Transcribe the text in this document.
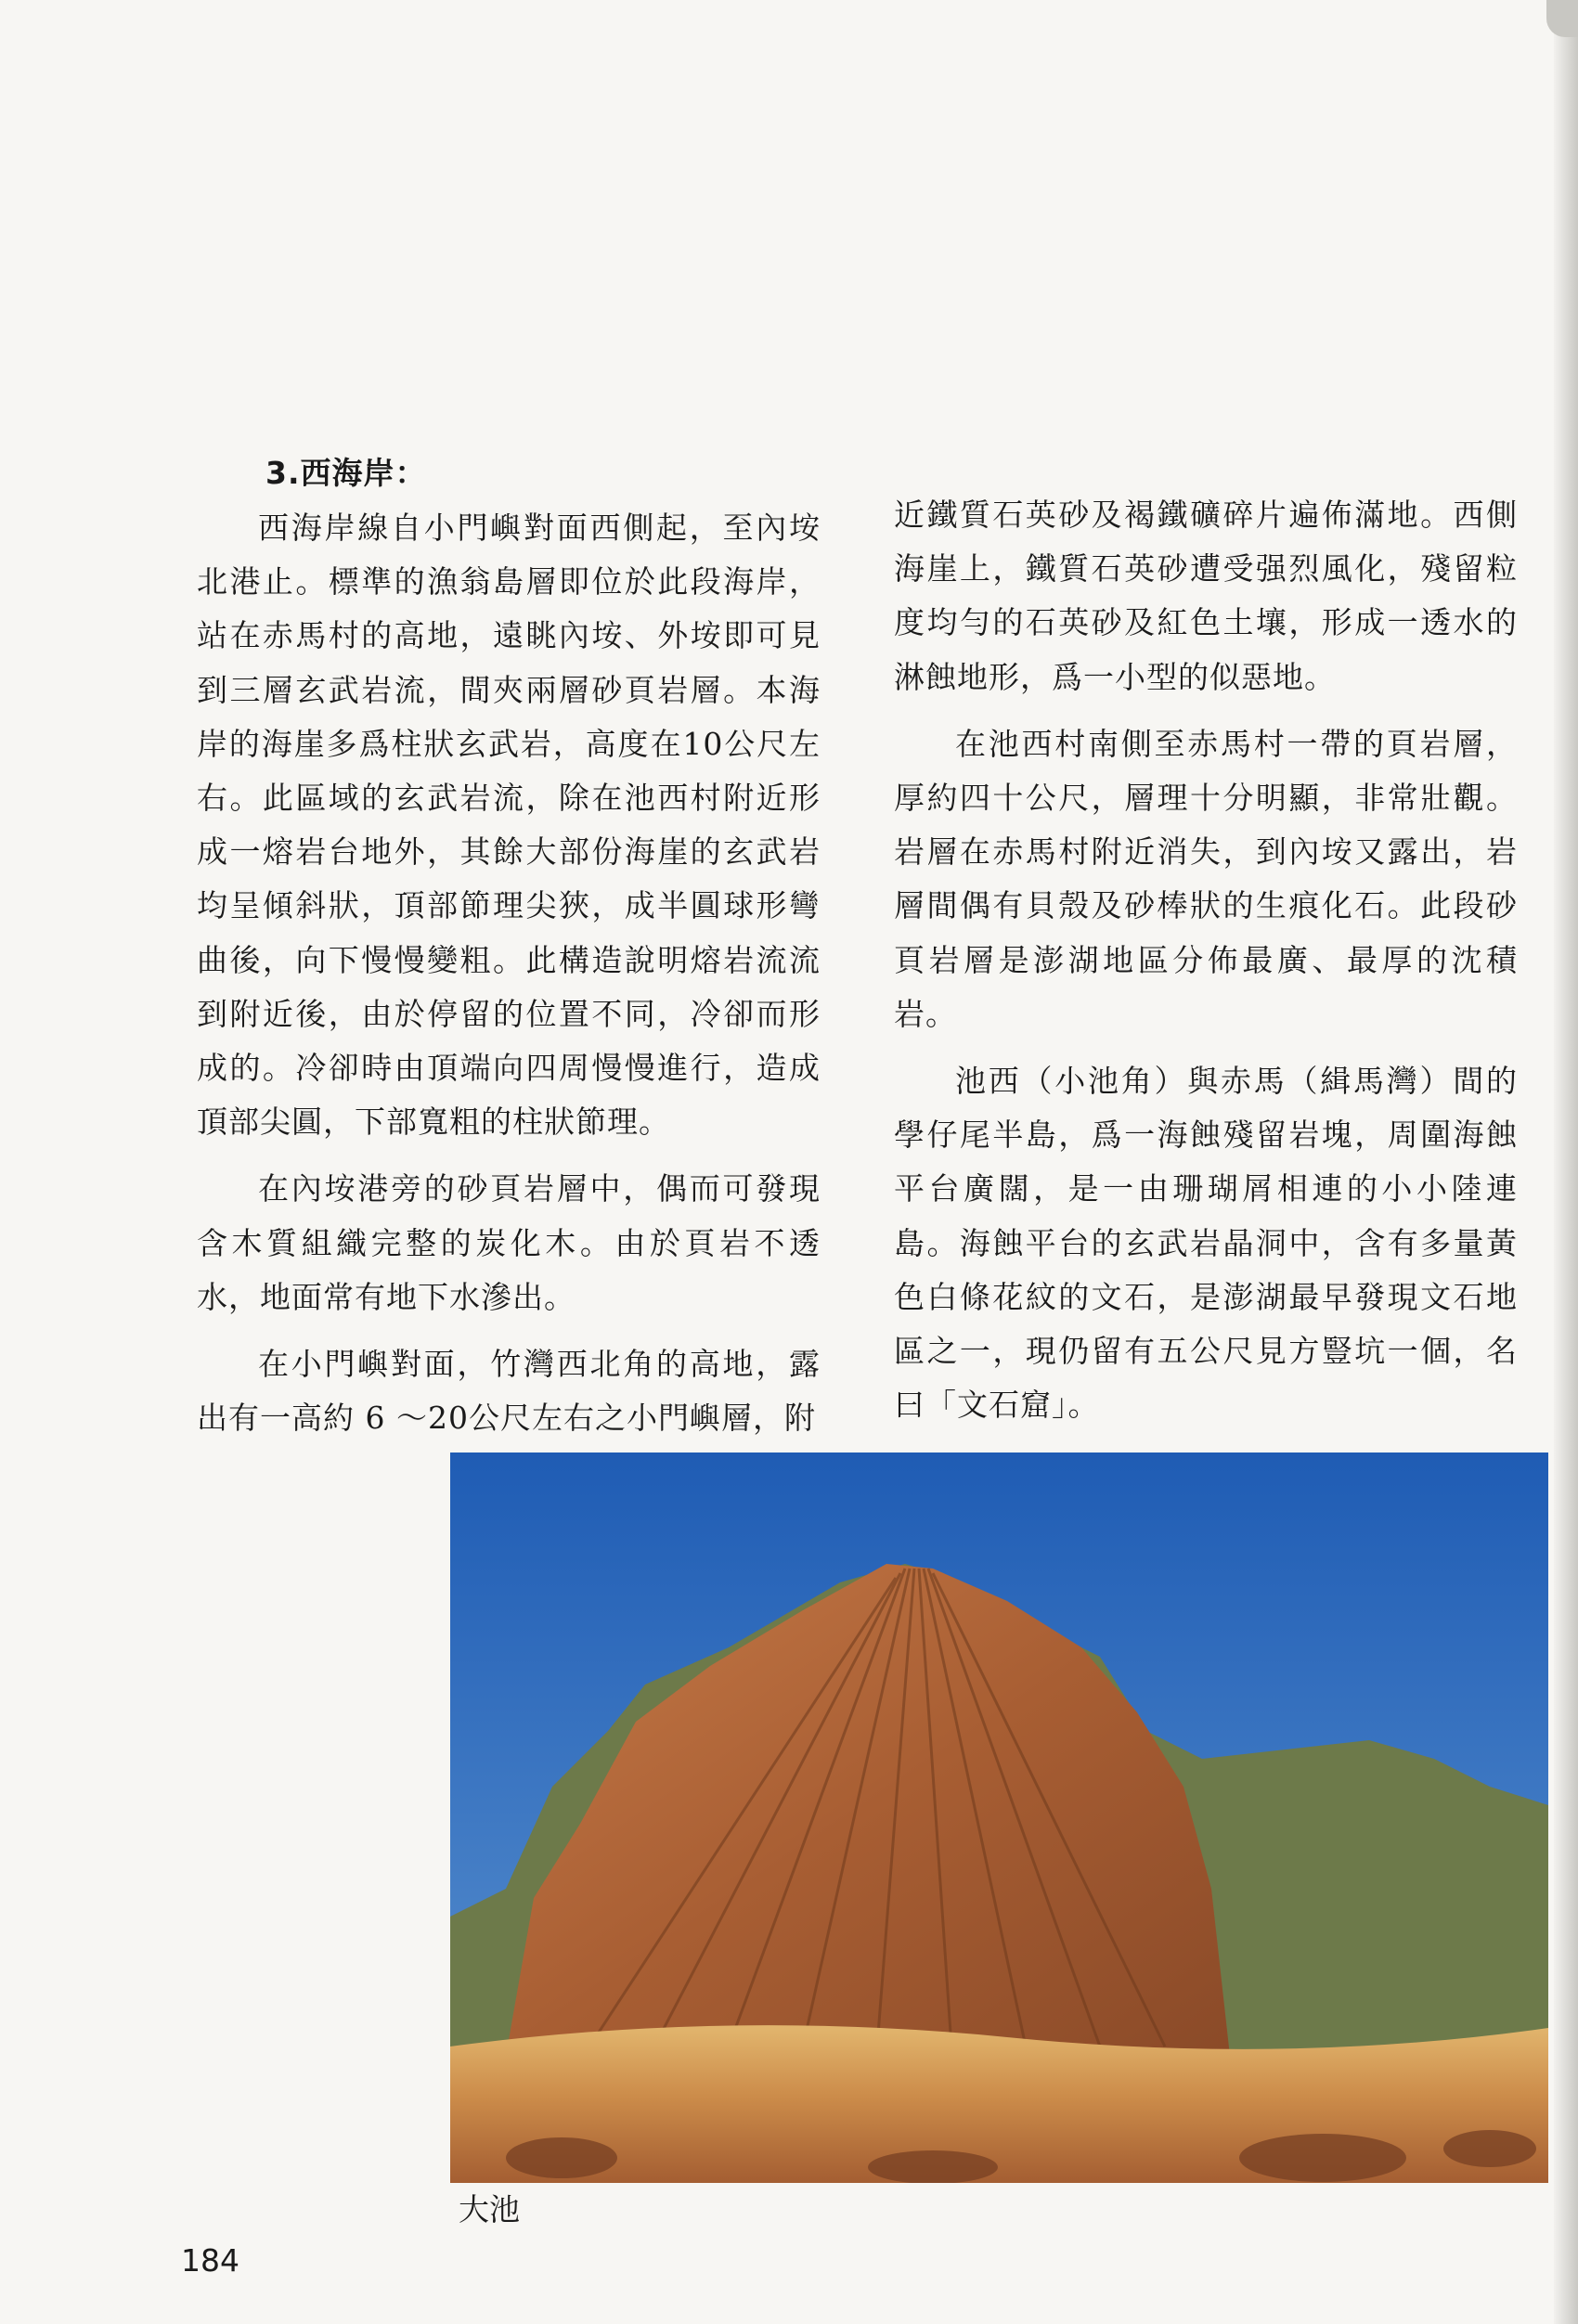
3.西海岸：

西海岸線自小門嶼對面西側起，至內垵北港止。標準的漁翁島層即位於此段海岸，站在赤馬村的高地，遠眺內垵、外垵即可見到三層玄武岩流，間夾兩層砂頁岩層。本海岸的海崖多爲柱狀玄武岩，高度在10公尺左右。此區域的玄武岩流，除在池西村附近形成一熔岩台地外，其餘大部份海崖的玄武岩均呈傾斜狀，頂部節理尖狹，成半圓球形彎曲後，向下慢慢變粗。此構造說明熔岩流流到附近後，由於停留的位置不同，冷卻而形成的。冷卻時由頂端向四周慢慢進行，造成頂部尖圓，下部寬粗的柱狀節理。

在內垵港旁的砂頁岩層中，偶而可發現含木質組織完整的炭化木。由於頁岩不透水，地面常有地下水滲出。

在小門嶼對面，竹灣西北角的高地，露出有一高約 6 ～20公尺左右之小門嶼層，附

近鐵質石英砂及褐鐵礦碎片遍佈滿地。西側海崖上，鐵質石英砂遭受强烈風化，殘留粒度均勻的石英砂及紅色土壤，形成一透水的淋蝕地形，爲一小型的似惡地。

在池西村南側至赤馬村一帶的頁岩層，厚約四十公尺，層理十分明顯，非常壯觀。岩層在赤馬村附近消失，到內垵又露出，岩層間偶有貝殼及砂棒狀的生痕化石。此段砂頁岩層是澎湖地區分佈最廣、最厚的沈積岩。

池西（小池角）與赤馬（緝馬灣）間的學仔尾半島，爲一海蝕殘留岩塊，周圍海蝕平台廣闊，是一由珊瑚屑相連的小小陸連島。海蝕平台的玄武岩晶洞中，含有多量黃色白條花紋的文石，是澎湖最早發現文石地區之一，現仍留有五公尺見方豎坑一個，名曰「文石窟」。

大池
184
